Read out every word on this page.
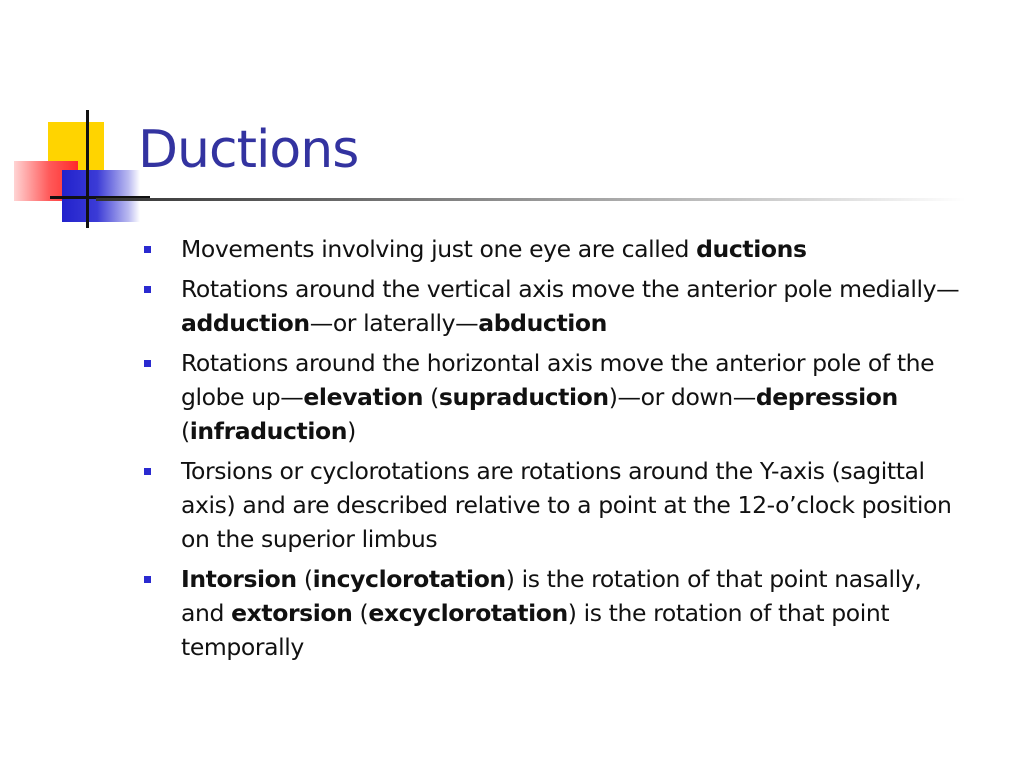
Ductions
Movements involving just one eye are called ductions
Rotations around the vertical axis move the anterior pole medially—adduction—or laterally—abduction
Rotations around the horizontal axis move the anterior pole of the globe up—elevation (supraduction)—or down—depression (infraduction)
Torsions or cyclorotations are rotations around the Y-axis (sagittal axis) and are described relative to a point at the 12-o’clock position on the superior limbus
Intorsion (incyclorotation) is the rotation of that point nasally, and extorsion (excyclorotation) is the rotation of that point temporally
